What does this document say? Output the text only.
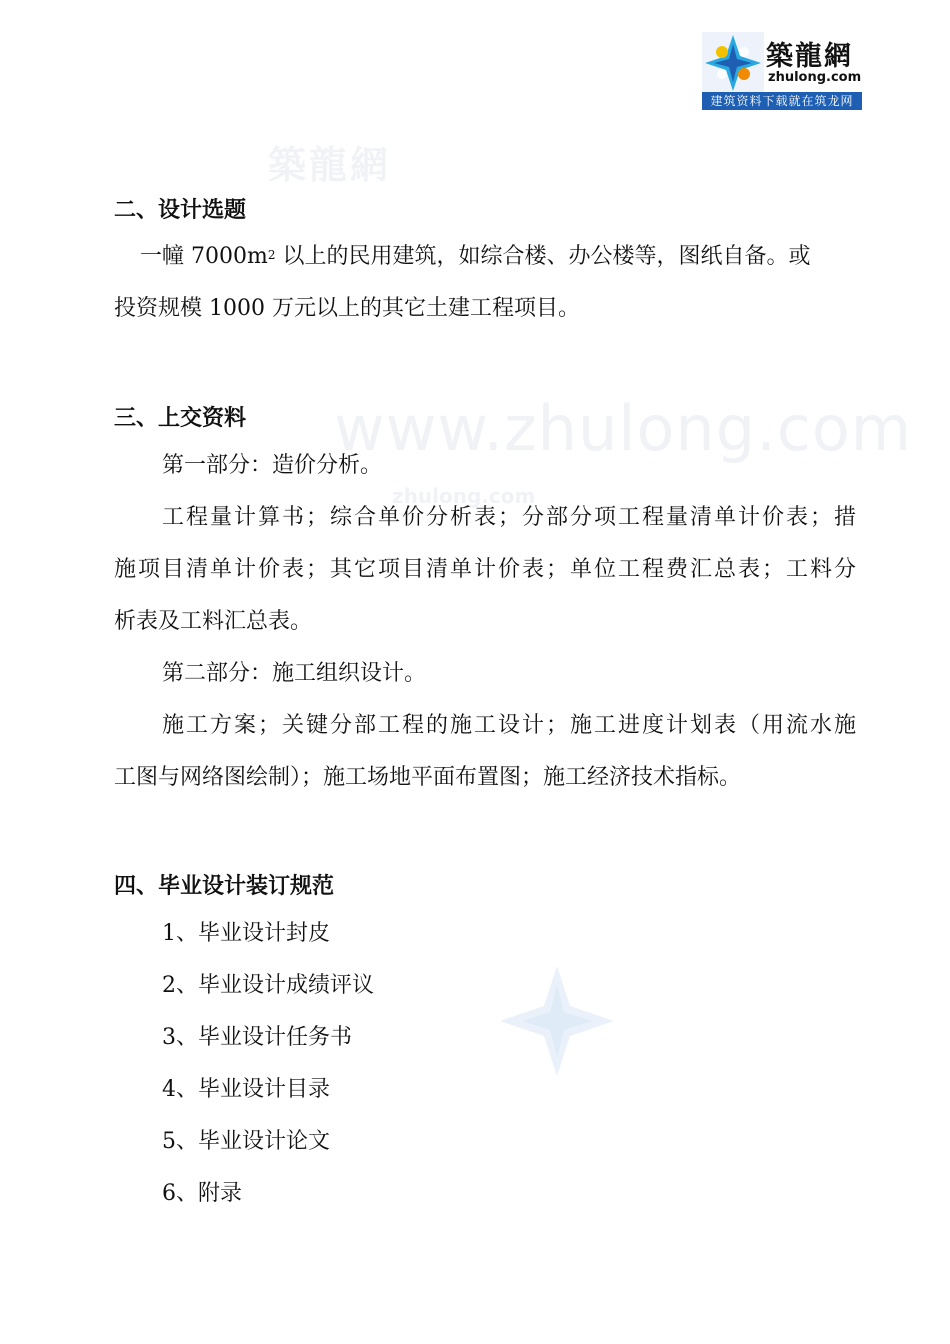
築龍網
zhulong.com
建筑资料下载就在筑龙网
築龍網
www.zhulong.com
zhulong.com
二、设计选题
一幢 $7000m^2$ 以上的民用建筑，如综合楼、办公楼等，图纸自备。或
投资规模 1000 万元以上的其它土建工程项目。
三、上交资料
第一部分：造价分析。
工程量计算书；综合单价分析表；分部分项工程量清单计价表；措
施项目清单计价表；其它项目清单计价表；单位工程费汇总表；工料分
析表及工料汇总表。
第二部分：施工组织设计。
施工方案；关键分部工程的施工设计；施工进度计划表（用流水施
工图与网络图绘制）；施工场地平面布置图；施工经济技术指标。
四、毕业设计装订规范
1、毕业设计封皮
2、毕业设计成绩评议
3、毕业设计任务书
4、毕业设计目录
5、毕业设计论文
6、附录
